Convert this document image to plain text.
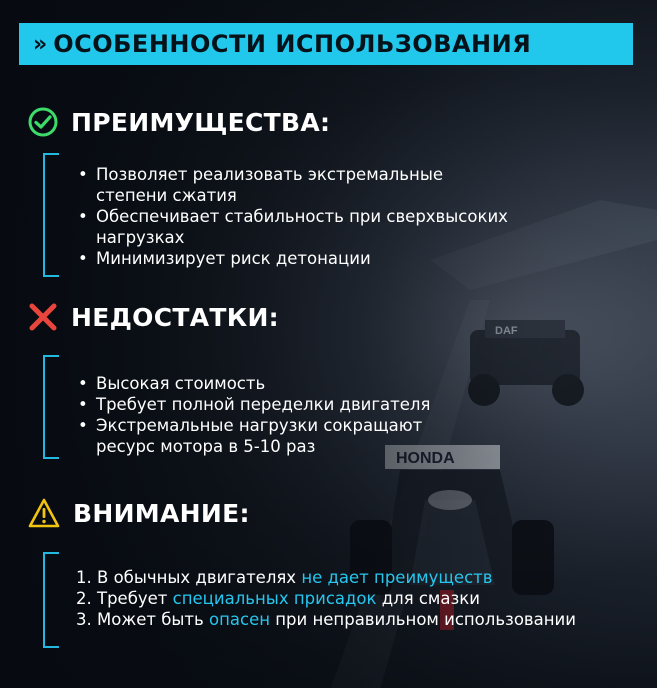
» ОСОБЕННОСТИ ИСПОЛЬЗОВАНИЯ
ПРЕИМУЩЕСТВА:
• Позволяет реализовать экстремальные
степени сжатия
• Обеспечивает стабильность при сверхвысоких
нагрузках
• Минимизирует риск детонации
НЕДОСТАТКИ:
• Высокая стоимость
• Требует полной переделки двигателя
• Экстремальные нагрузки сокращают
ресурс мотора в 5-10 раз
ВНИМАНИЕ:
1. В обычных двигателях не дает преимуществ
2. Требует специальных присадок для смазки
3. Может быть опасен при неправильном использовании
